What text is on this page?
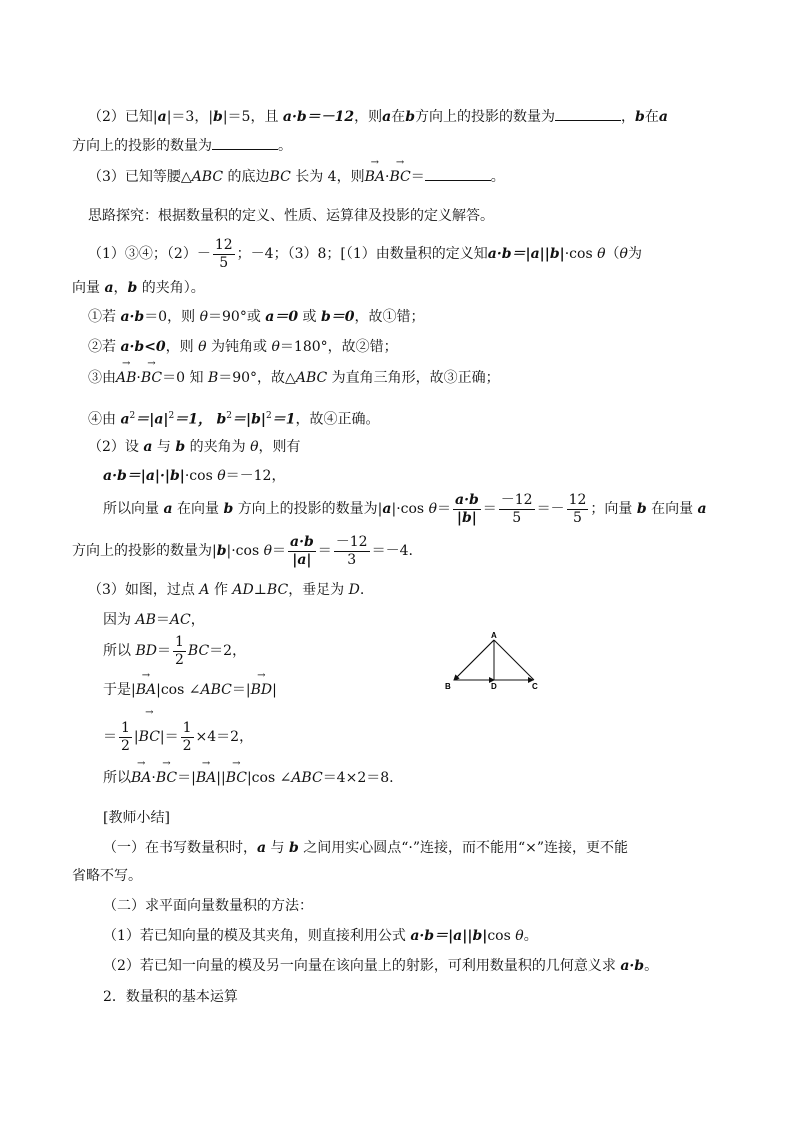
（2）已知|a|＝3，|b|＝5，且 a·b＝－12，则a在b方向上的投影的数量为	，b在a
方向上的投影的数量为	。
（3）已知等腰△ABC 的底边BC 长为 4，则
→
BA·
→
BC＝	。
思路探究：根据数量积的定义、性质、运算律及投影的定义解答。
（1）③④；$(2)- \frac{12}{5}$ ；－4；（3）8；[（1）由数量积的定义知a·b＝|a||b|·cos θ（θ为
向量 a，b 的夹角）。
①若 a·b＝0，则 θ＝90°或 a＝0 或 b＝0，故①错；
②若 a·b<0，则 θ 为钝角或 θ＝180°，故②错；
③由
→
AB·
→
BC＝0 知 B＝90°，故△ABC 为直角三角形，故③正确；
④由 $a^2=|a|^2=1$， $b^2=|b|^2=1$，故④正确。
（2）设 a 与 b 的夹角为 θ，则有
a·b＝|a|·|b|·cos θ＝－12，
所以向量 a 在向量 b 方向上的投影的数量为|a|·cos $\theta= \frac{a\cdot b}{|b|} = \frac{-12}{5} =- \frac{12}{5}$ ；向量 b 在向量 a
方向上的投影的数量为|b|·cos $\theta= \frac{a\cdot b}{|a|} = \frac{-12}{3} =-4$.
（3）如图，过点 A 作 AD⊥BC，垂足为 D.
因为 AB＝AC，
所以 $BD= \frac{1}{2} BC=2$，
于是|
→
BA|cos ∠ABC＝|
→
BD|
＝ $\frac{1}{2}$ |
→
$BC|= \frac{1}{2} \times 4=2$，
所以
→
BA·
→
BC＝|
→
BA||
→
BC|cos ∠ABC＝4×2＝8.
A
B	D	C
[教师小结]
（一）在书写数量积时，a 与 b 之间用实心圆点“·”连接，而不能用“×”连接，更不能
省略不写。
（二）求平面向量数量积的方法：
（1）若已知向量的模及其夹角，则直接利用公式 a·b＝|a||b|cos θ。
（2）若已知一向量的模及另一向量在该向量上的射影，可利用数量积的几何意义求 a·b。
2．数量积的基本运算
